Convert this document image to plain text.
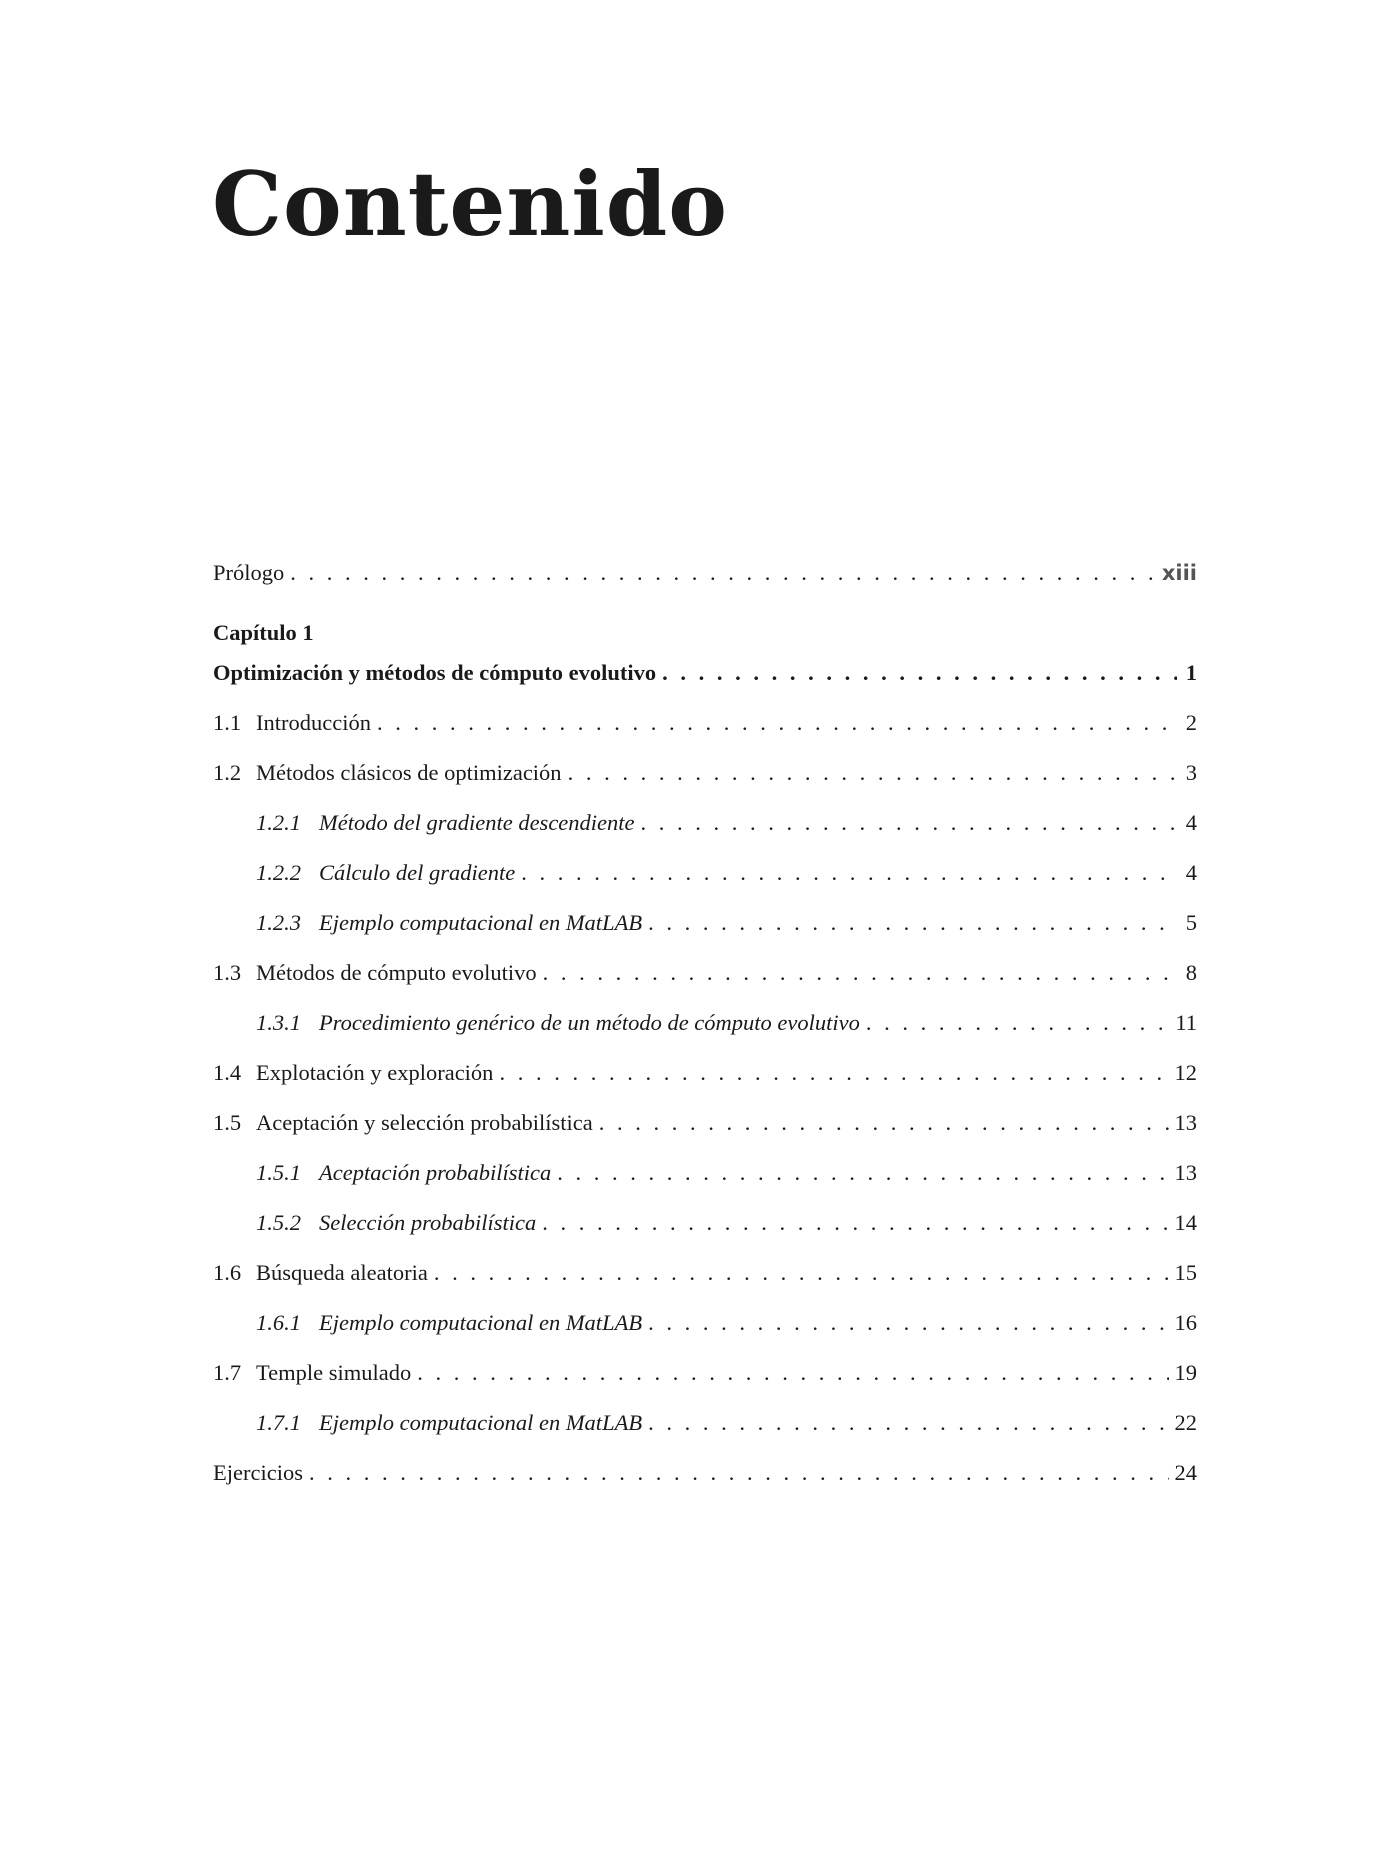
Contenido
Prólogo . . .	xiii
Capítulo 1
Optimización y métodos de cómputo evolutivo . . .	1
1.1 Introducción . . .	2
1.2 Métodos clásicos de optimización . . .	3
1.2.1 Método del gradiente descendiente . . .	4
1.2.2 Cálculo del gradiente . . .	4
1.2.3 Ejemplo computacional en MatLAB . . .	5
1.3 Métodos de cómputo evolutivo . . .	8
1.3.1 Procedimiento genérico de un método de cómputo evolutivo . . .	11
1.4 Explotación y exploración . . .	12
1.5 Aceptación y selección probabilística . . .	13
1.5.1 Aceptación probabilística . . .	13
1.5.2 Selección probabilística . . .	14
1.6 Búsqueda aleatoria . . .	15
1.6.1 Ejemplo computacional en MatLAB . . .	16
1.7 Temple simulado . . .	19
1.7.1 Ejemplo computacional en MatLAB . . .	22
Ejercicios . . .	24
